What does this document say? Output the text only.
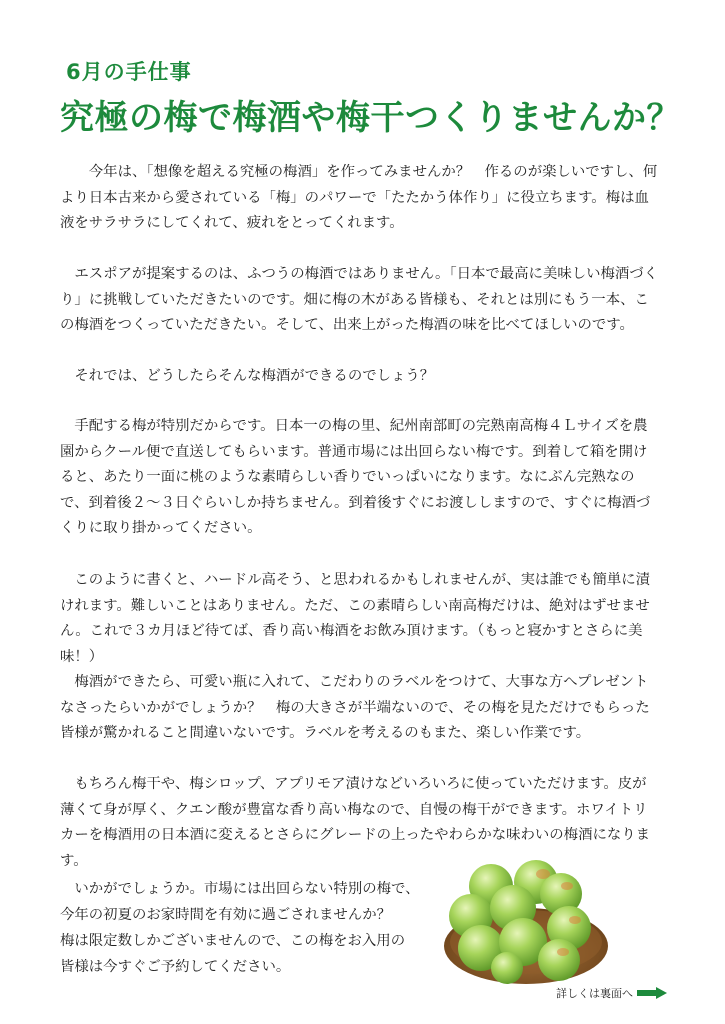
6月の手仕事
究極の梅で梅酒や梅干つくりませんか？

　　今年は、「想像を超える究極の梅酒」を作ってみませんか？　作るのが楽しいですし、何より日本古来から愛されている「梅」のパワーで「たたかう体作り」に役立ちます。梅は血液をサラサラにしてくれて、疲れをとってくれます。

　エスポアが提案するのは、ふつうの梅酒ではありません。「日本で最高に美味しい梅酒づくり」に挑戦していただきたいのです。畑に梅の木がある皆様も、それとは別にもう一本、この梅酒をつくっていただきたい。そして、出来上がった梅酒の味を比べてほしいのです。

　それでは、どうしたらそんな梅酒ができるのでしょう？

　手配する梅が特別だからです。日本一の梅の里、紀州南部町の完熟南高梅４Ｌサイズを農園からクール便で直送してもらいます。普通市場には出回らない梅です。到着して箱を開けると、あたり一面に桃のような素晴らしい香りでいっぱいになります。なにぶん完熟なので、到着後２～３日ぐらいしか持ちません。到着後すぐにお渡ししますので、すぐに梅酒づくりに取り掛かってください。

　このように書くと、ハードル高そう、と思われるかもしれませんが、実は誰でも簡単に漬けれます。難しいことはありません。ただ、この素晴らしい南高梅だけは、絶対はずせません。これで３カ月ほど待てば、香り高い梅酒をお飲み頂けます。（もっと寝かすとさらに美味！）

　梅酒ができたら、可愛い瓶に入れて、こだわりのラベルをつけて、大事な方へプレゼントなさったらいかがでしょうか？　梅の大きさが半端ないので、その梅を見ただけでもらった皆様が驚かれること間違いないです。ラベルを考えるのもまた、楽しい作業です。

　もちろん梅干や、梅シロップ、アプリモア漬けなどいろいろに使っていただけます。皮が薄くて身が厚く、クエン酸が豊富な香り高い梅なので、自慢の梅干ができます。ホワイトリカーを梅酒用の日本酒に変えるとさらにグレードの上ったやわらかな味わいの梅酒になります。

　いかがでしょうか。市場には出回らない特別の梅で、
今年の初夏のお家時間を有効に過ごされませんか？
梅は限定数しかございませんので、この梅をお入用の
皆様は今すぐご予約してください。

詳しくは裏面へ
